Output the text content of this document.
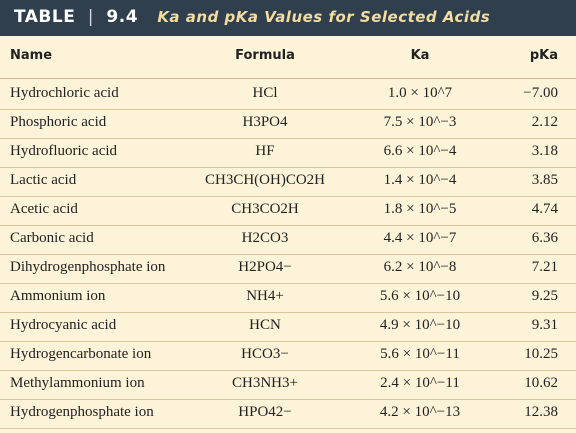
TABLE | 9.4 Ka and pKa Values for Selected Acids
Name	Formula	Ka	pKa
Hydrochloric acid	HCl	1.0 × 10^7	−7.00
Phosphoric acid	H3PO4	7.5 × 10^−3	2.12
Hydrofluoric acid	HF	6.6 × 10^−4	3.18
Lactic acid	CH3CH(OH)CO2H	1.4 × 10^−4	3.85
Acetic acid	CH3CO2H	1.8 × 10^−5	4.74
Carbonic acid	H2CO3	4.4 × 10^−7	6.36
Dihydrogenphosphate ion	H2PO4−	6.2 × 10^−8	7.21
Ammonium ion	NH4+	5.6 × 10^−10	9.25
Hydrocyanic acid	HCN	4.9 × 10^−10	9.31
Hydrogencarbonate ion	HCO3−	5.6 × 10^−11	10.25
Methylammonium ion	CH3NH3+	2.4 × 10^−11	10.62
Hydrogenphosphate ion	HPO42−	4.2 × 10^−13	12.38
